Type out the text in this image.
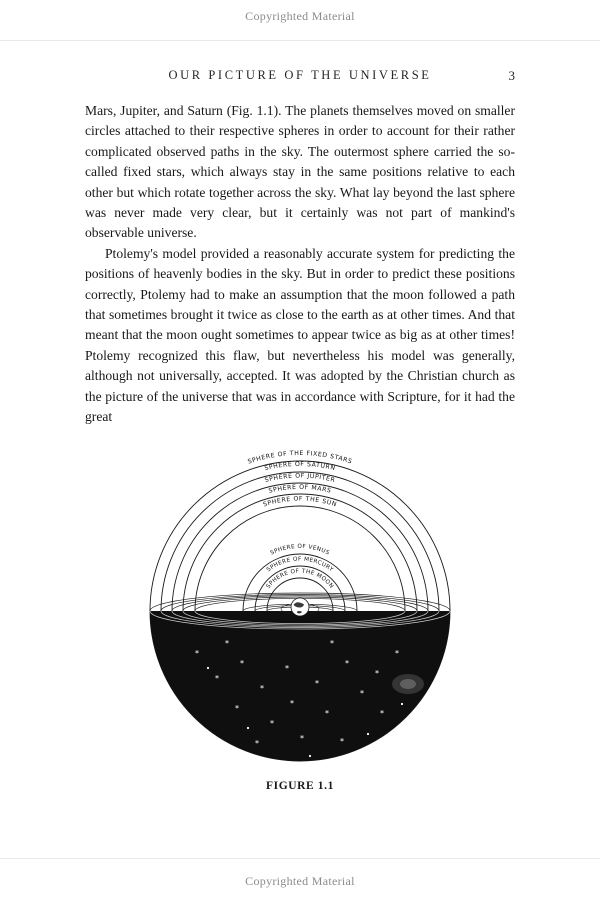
Copyrighted Material
OUR PICTURE OF THE UNIVERSE	3

Mars, Jupiter, and Saturn (Fig. 1.1). The planets themselves moved on smaller circles attached to their respective spheres in order to account for their rather complicated observed paths in the sky. The outermost sphere carried the so-called fixed stars, which always stay in the same positions relative to each other but which rotate together across the sky. What lay beyond the last sphere was never made very clear, but it certainly was not part of mankind's observable universe.

Ptolemy's model provided a reasonably accurate system for predicting the positions of heavenly bodies in the sky. But in order to predict these positions correctly, Ptolemy had to make an assumption that the moon followed a path that sometimes brought it twice as close to the earth as at other times. And that meant that the moon ought sometimes to appear twice as big as at other times! Ptolemy recognized this flaw, but nevertheless his model was generally, although not universally, accepted. It was adopted by the Christian church as the picture of the universe that was in accordance with Scripture, for it had the great

*
*
*
*
*
*
*
*
*
*
*
*
*
*
*
*
*
*
*
*
SPHERE OF THE FIXED STARS
SPHERE OF SATURN
SPHERE OF JUPITER
SPHERE OF MARS
SPHERE OF THE SUN
SPHERE OF VENUS
SPHERE OF MERCURY
SPHERE OF THE MOON
FIGURE 1.1
Copyrighted Material
